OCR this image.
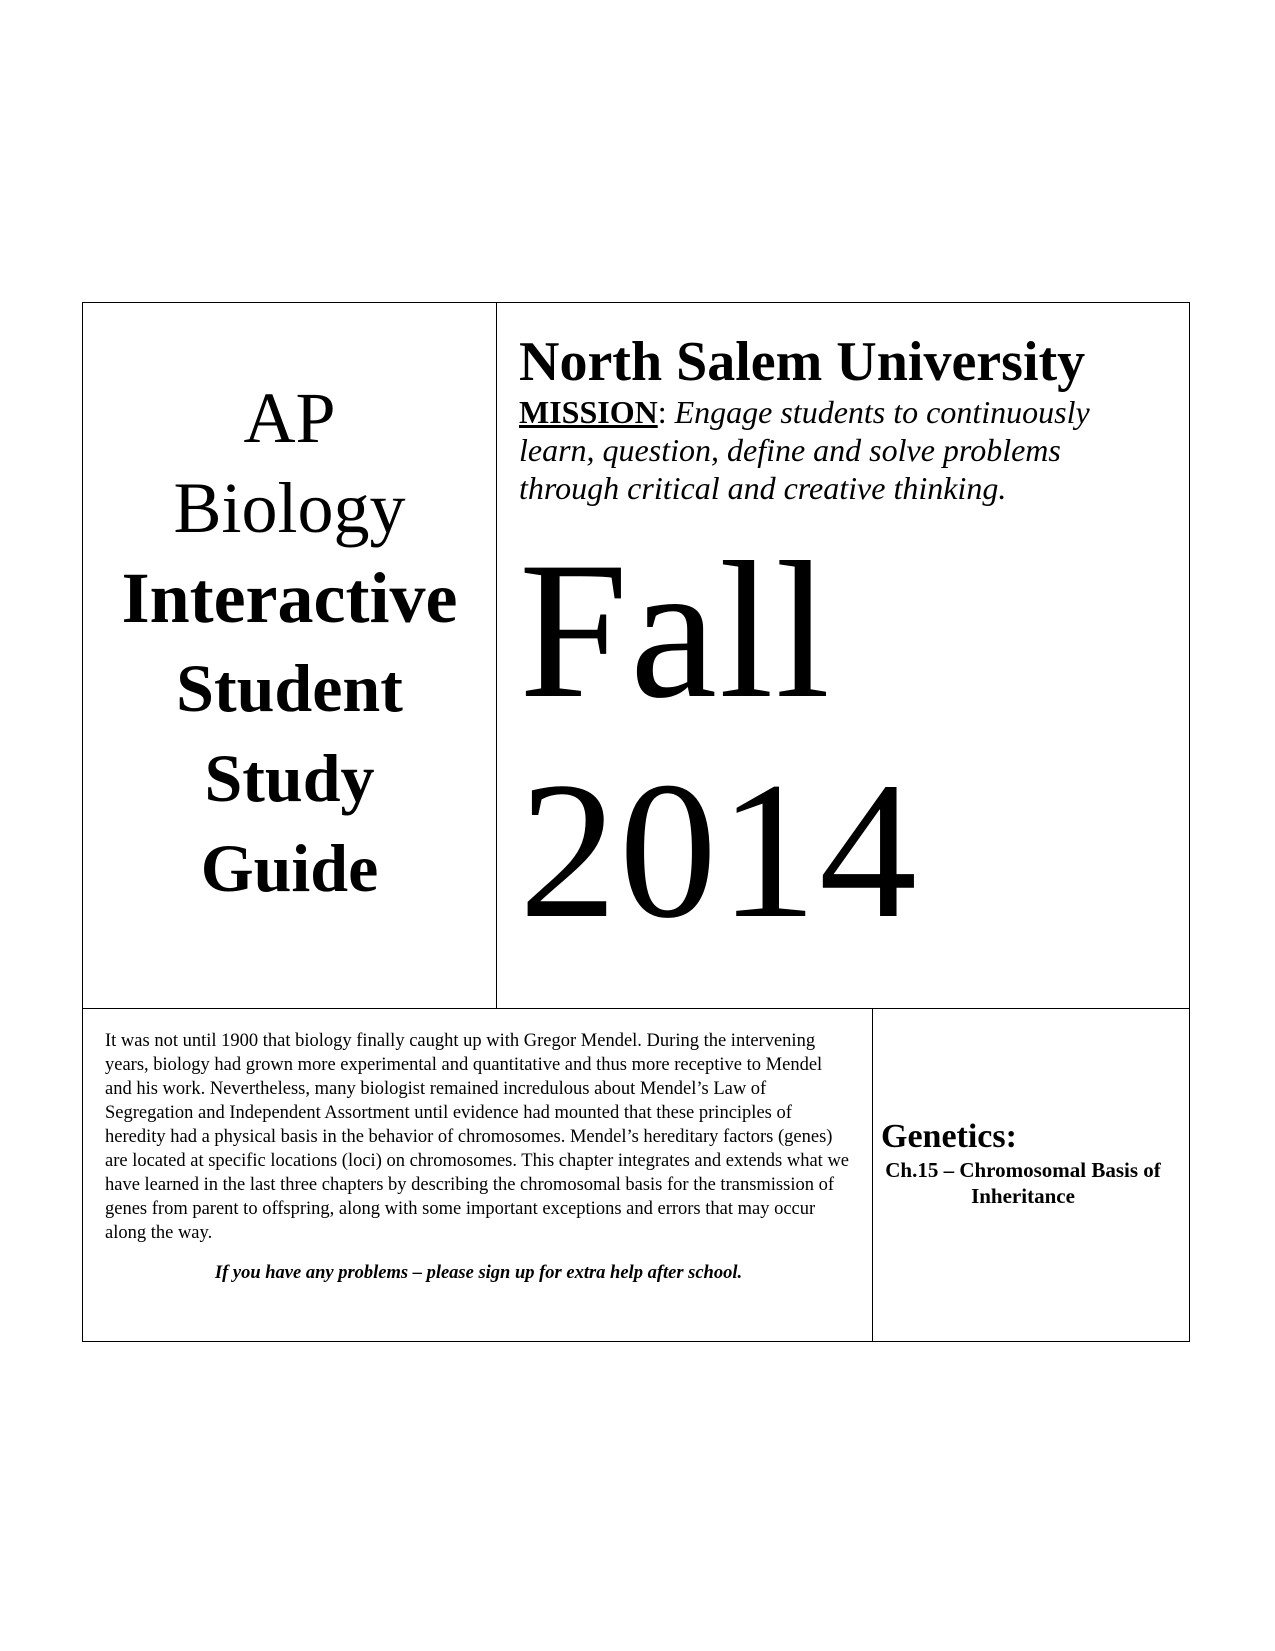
AP
Biology
Interactive
Student
Study
Guide
North Salem University
MISSION: Engage students to continuously learn, question, define and solve problems through critical and creative thinking.
Fall
2014

It was not until 1900 that biology finally caught up with Gregor Mendel. During the intervening years, biology had grown more experimental and quantitative and thus more receptive to Mendel and his work. Nevertheless, many biologist remained incredulous about Mendel’s Law of Segregation and Independent Assortment until evidence had mounted that these principles of heredity had a physical basis in the behavior of chromosomes. Mendel’s hereditary factors (genes) are located at specific locations (loci) on chromosomes. This chapter integrates and extends what we have learned in the last three chapters by describing the chromosomal basis for the transmission of genes from parent to offspring, along with some important exceptions and errors that may occur along the way.

If you have any problems – please sign up for extra help after school.
Genetics:
Ch.15 – Chromosomal Basis of Inheritance
